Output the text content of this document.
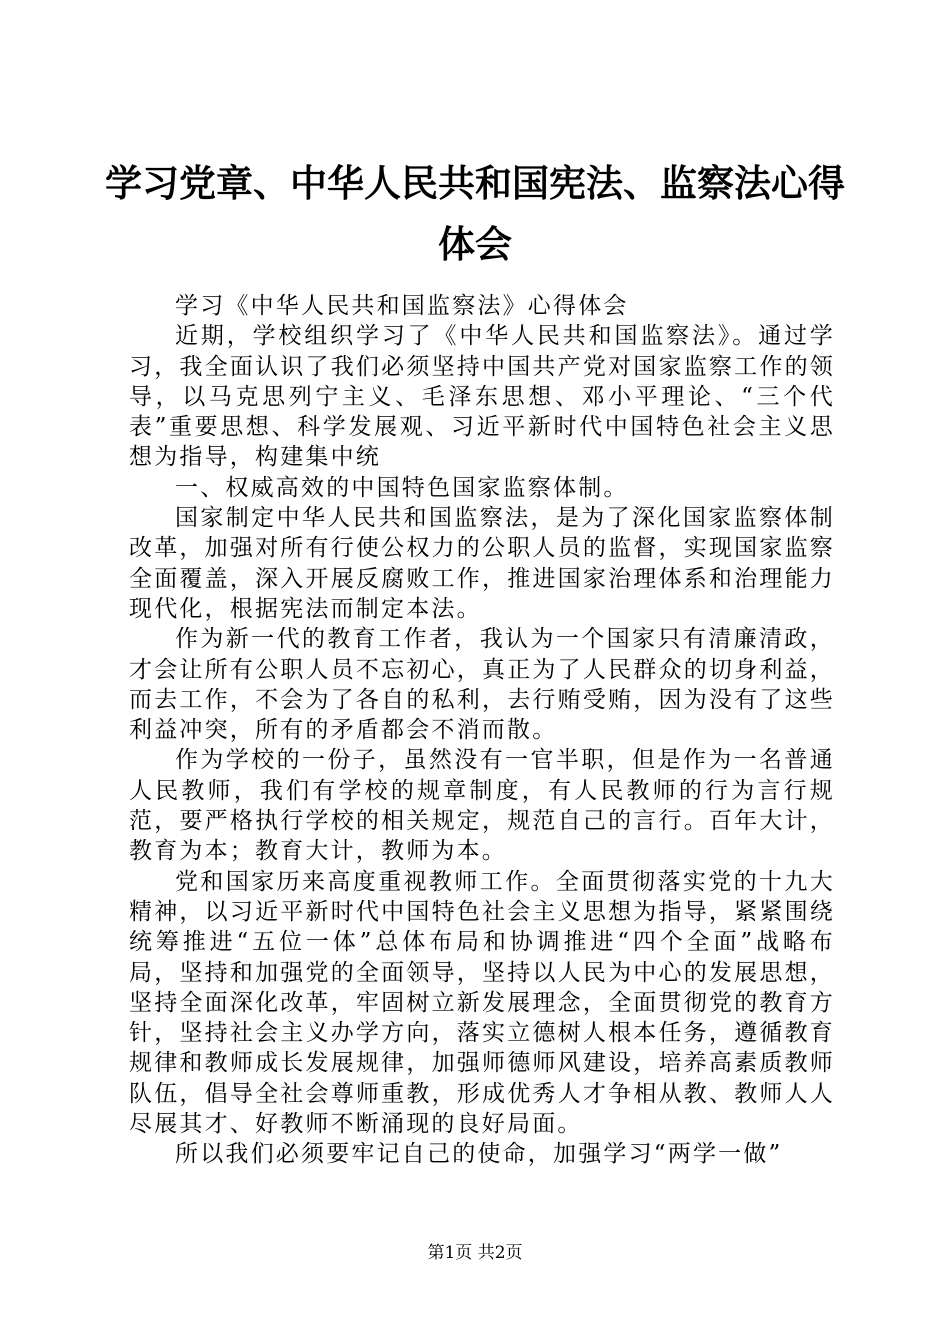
学习党章、中华人民共和国宪法、监察法心得
体会

学习《中华人民共和国监察法》心得体会

近期，学校组织学习了《中华人民共和国监察法》。通过学习，我全面认识了我们必须坚持中国共产党对国家监察工作的领导，以马克思列宁主义、毛泽东思想、邓小平理论、“三个代表”重要思想、科学发展观、习近平新时代中国特色社会主义思想为指导，构建集中统

一、权威高效的中国特色国家监察体制。

国家制定中华人民共和国监察法，是为了深化国家监察体制改革，加强对所有行使公权力的公职人员的监督，实现国家监察全面覆盖，深入开展反腐败工作，推进国家治理体系和治理能力现代化，根据宪法而制定本法。

作为新一代的教育工作者，我认为一个国家只有清廉清政，才会让所有公职人员不忘初心，真正为了人民群众的切身利益，而去工作，不会为了各自的私利，去行贿受贿，因为没有了这些利益冲突，所有的矛盾都会不消而散。

作为学校的一份子，虽然没有一官半职，但是作为一名普通人民教师，我们有学校的规章制度，有人民教师的行为言行规范，要严格执行学校的相关规定，规范自己的言行。百年大计，教育为本；教育大计，教师为本。

党和国家历来高度重视教师工作。全面贯彻落实党的十九大精神，以习近平新时代中国特色社会主义思想为指导，紧紧围绕统筹推进“五位一体”总体布局和协调推进“四个全面”战略布局，坚持和加强党的全面领导，坚持以人民为中心的发展思想，坚持全面深化改革，牢固树立新发展理念，全面贯彻党的教育方针，坚持社会主义办学方向，落实立德树人根本任务，遵循教育规律和教师成长发展规律，加强师德师风建设，培养高素质教师队伍，倡导全社会尊师重教，形成优秀人才争相从教、教师人人尽展其才、好教师不断涌现的良好局面。

所以我们必须要牢记自己的使命，加强学习“两学一做”

第1页 共2页
